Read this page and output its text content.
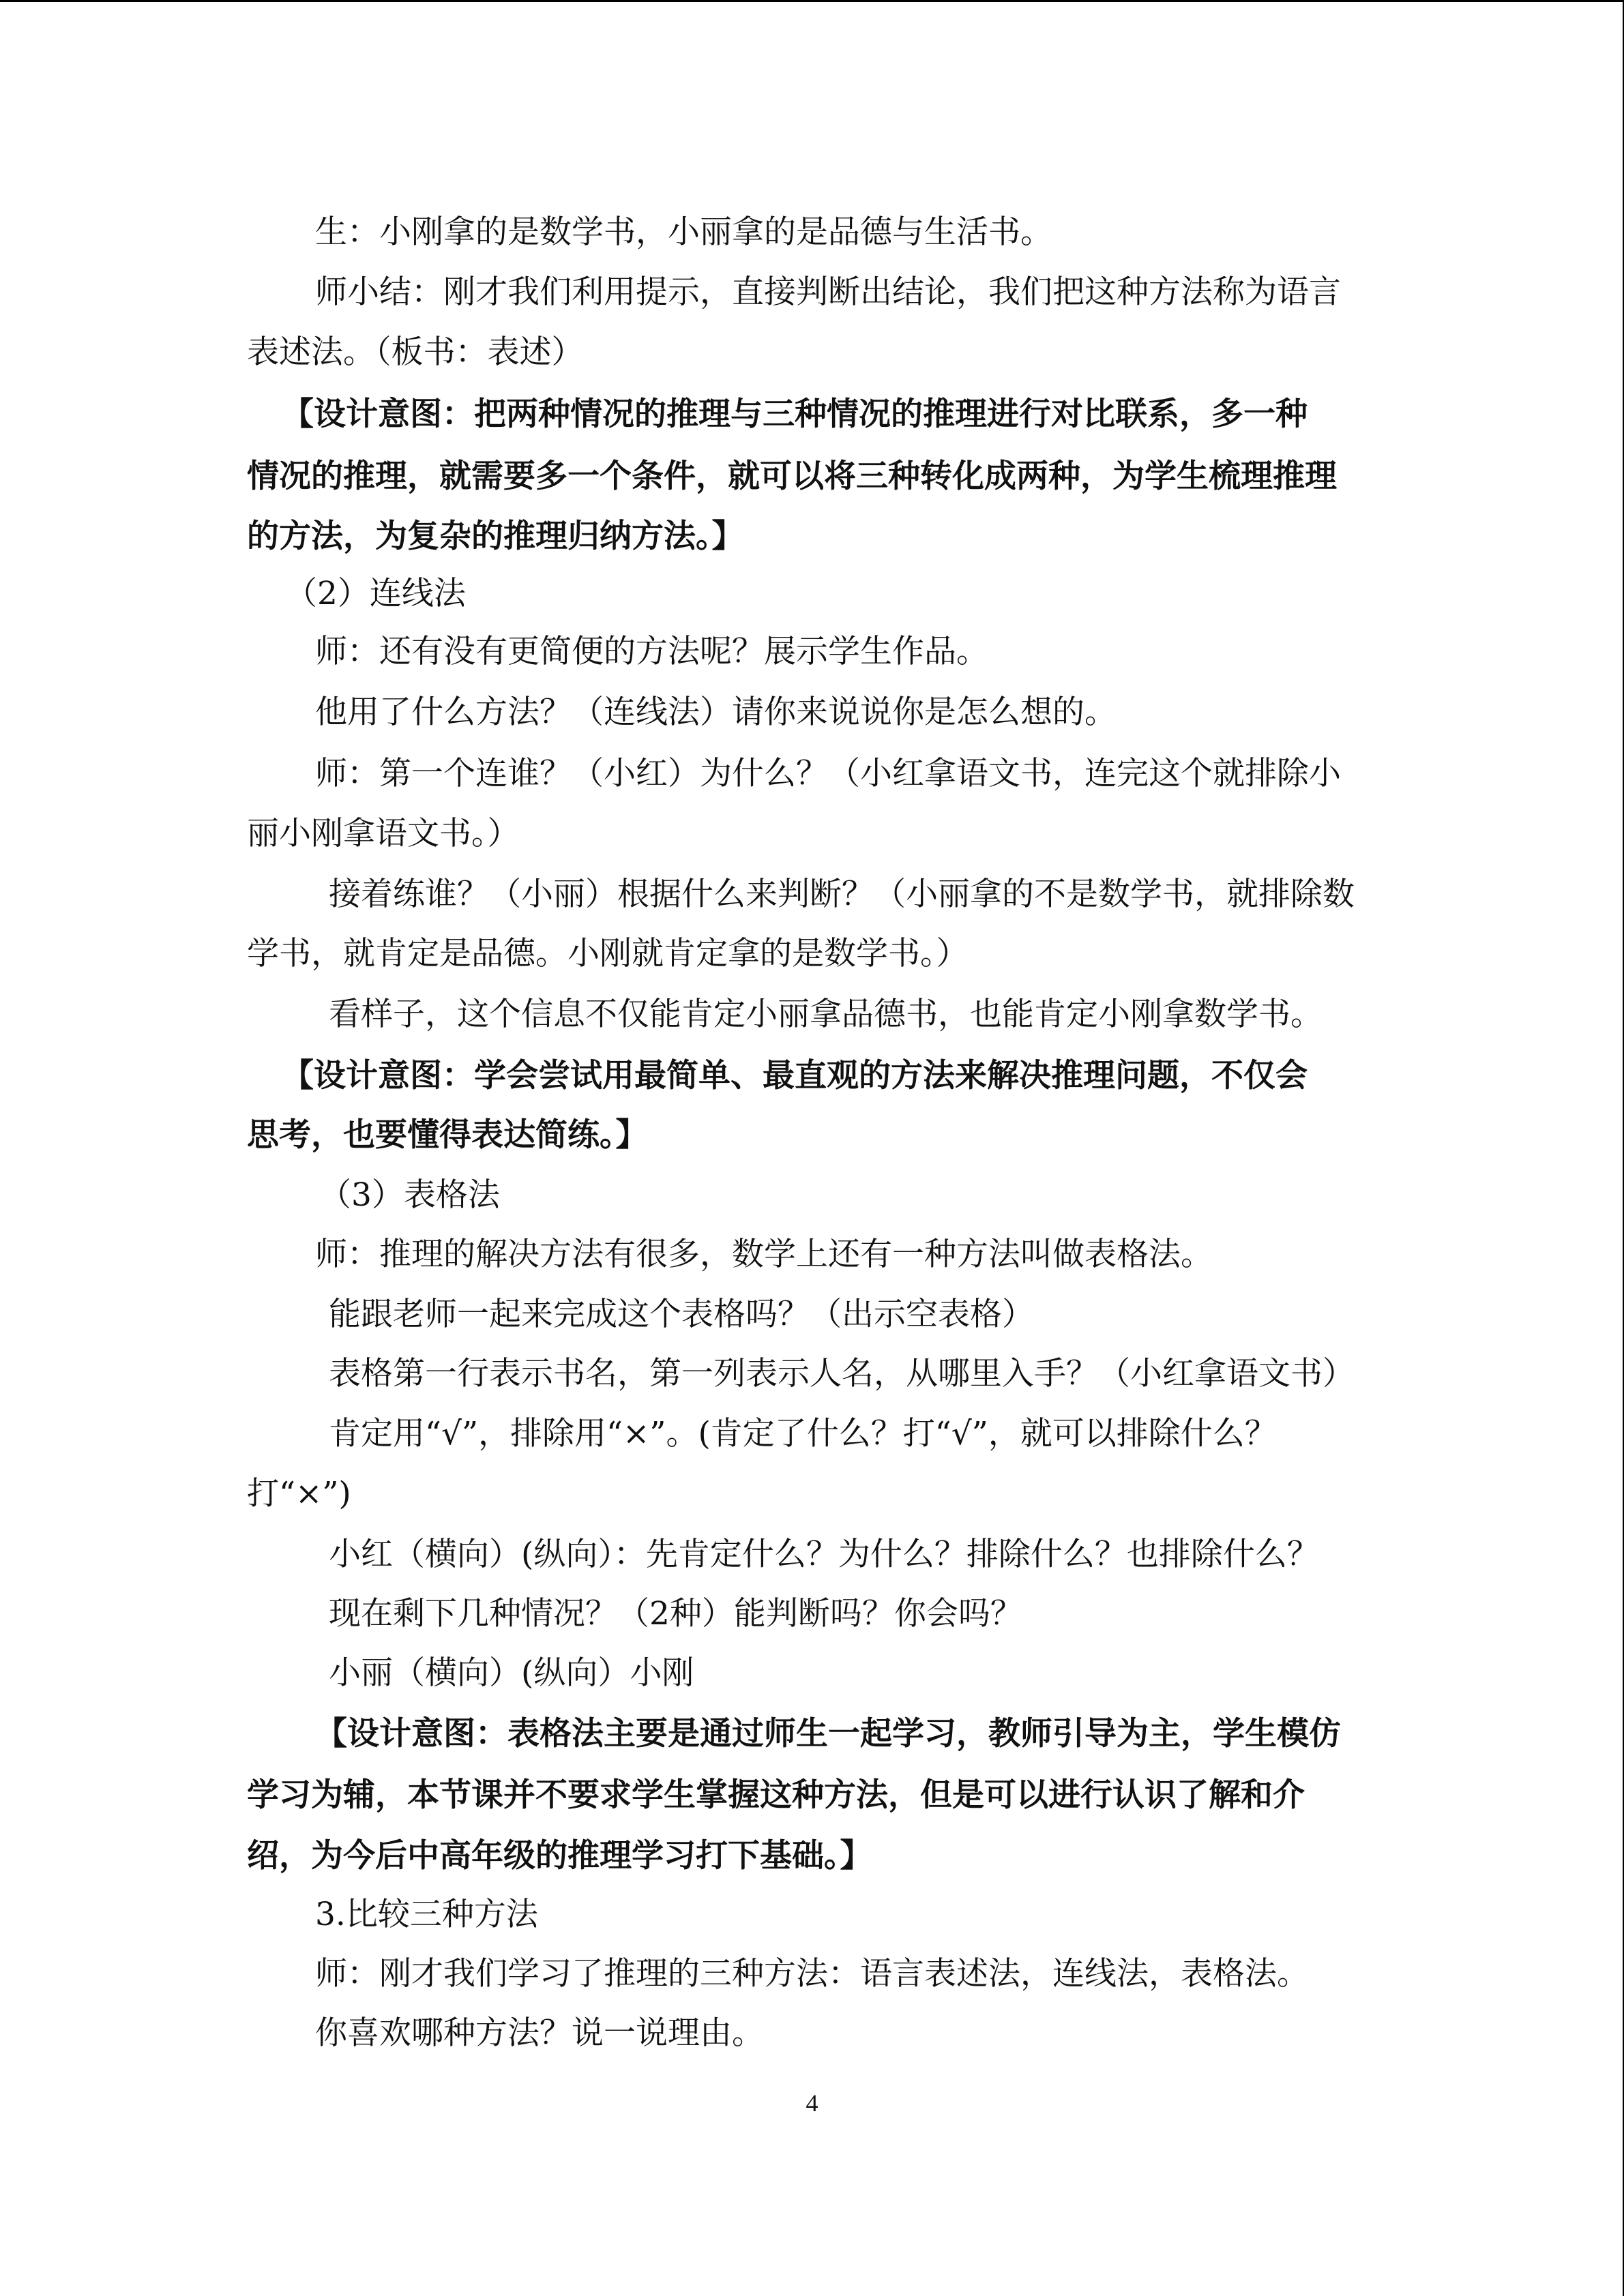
生：小刚拿的是数学书，小丽拿的是品德与生活书。
师小结：刚才我们利用提示，直接判断出结论，我们把这种方法称为语言
表述法。（板书：表述）
【设计意图：把两种情况的推理与三种情况的推理进行对比联系，多一种
情况的推理，就需要多一个条件，就可以将三种转化成两种，为学生梳理推理
的方法，为复杂的推理归纳方法。】
（2）连线法
师：还有没有更简便的方法呢？展示学生作品。
他用了什么方法？（连线法）请你来说说你是怎么想的。
师：第一个连谁？（小红）为什么？（小红拿语文书，连完这个就排除小
丽小刚拿语文书。）
接着练谁？（小丽）根据什么来判断？（小丽拿的不是数学书，就排除数
学书，就肯定是品德。小刚就肯定拿的是数学书。）
看样子，这个信息不仅能肯定小丽拿品德书，也能肯定小刚拿数学书。
【设计意图：学会尝试用最简单、最直观的方法来解决推理问题，不仅会
思考，也要懂得表达简练。】
（3）表格法
师：推理的解决方法有很多，数学上还有一种方法叫做表格法。
能跟老师一起来完成这个表格吗？（出示空表格）
表格第一行表示书名，第一列表示人名，从哪里入手？（小红拿语文书）
肯定用“√”，排除用“×”。(肯定了什么？打“√”，就可以排除什么？
打“×”)
小红（横向）(纵向）：先肯定什么？为什么？排除什么？也排除什么？
现在剩下几种情况？（2种）能判断吗？你会吗？
小丽（横向）(纵向）小刚
【设计意图：表格法主要是通过师生一起学习，教师引导为主，学生模仿
学习为辅，本节课并不要求学生掌握这种方法，但是可以进行认识了解和介
绍，为今后中高年级的推理学习打下基础。】
3.比较三种方法
师：刚才我们学习了推理的三种方法：语言表述法，连线法，表格法。
你喜欢哪种方法？说一说理由。
4
